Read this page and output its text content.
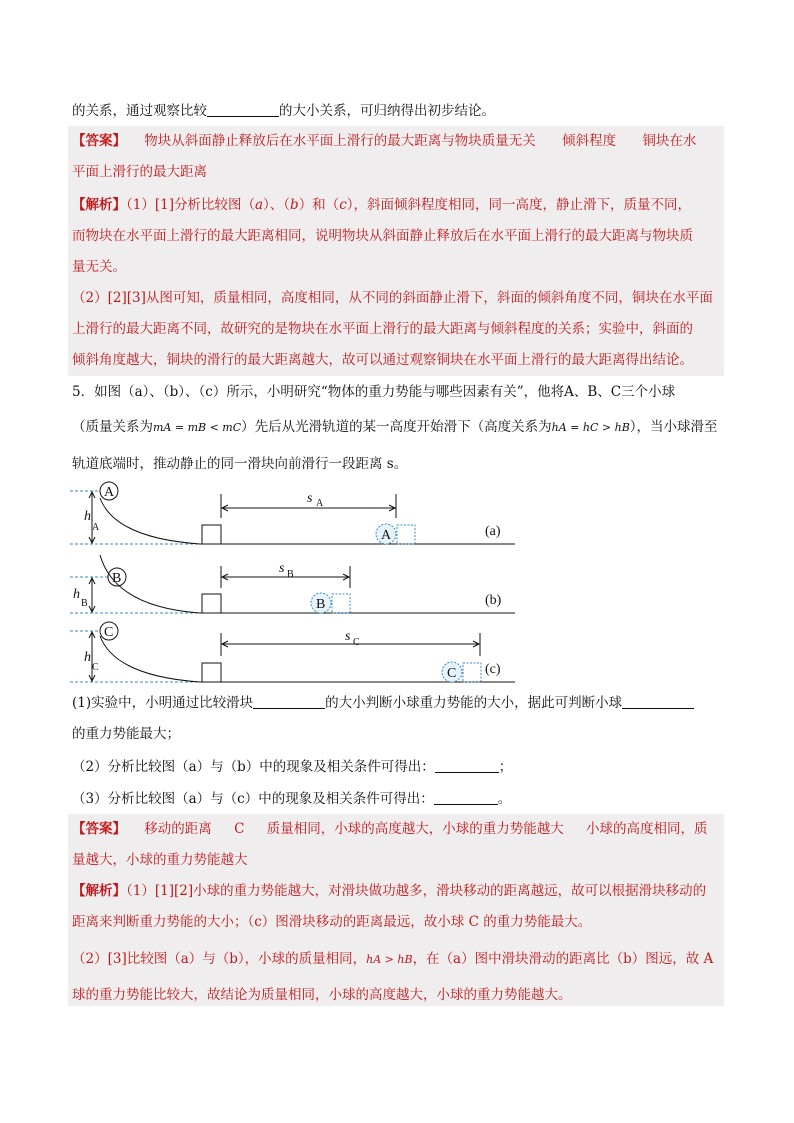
的关系，通过观察比较	的大小关系，可归纳得出初步结论。
【答案】 物块从斜面静止释放后在水平面上滑行的最大距离与物块质量无关 倾斜程度 铜块在水
平面上滑行的最大距离
【解析】（1）[1]分析比较图（a）、（b）和（c），斜面倾斜程度相同，同一高度，静止滑下，质量不同，
而物块在水平面上滑行的最大距离相同，说明物块从斜面静止释放后在水平面上滑行的最大距离与物块质
量无关。
（2）[2][3]从图可知，质量相同，高度相同，从不同的斜面静止滑下，斜面的倾斜角度不同，铜块在水平面
上滑行的最大距离不同，故研究的是物块在水平面上滑行的最大距离与倾斜程度的关系；实验中，斜面的
倾斜角度越大，铜块的滑行的最大距离越大，故可以通过观察铜块在水平面上滑行的最大距离得出结论。
5．如图（a）、（b）、（c）所示，小明研究“物体的重力势能与哪些因素有关”，他将A、B、C三个小球
（质量关系为mA = mB < mC）先后从光滑轨道的某一高度开始滑下（高度关系为hA = hC > hB），当小球滑至
轨道底端时，推动静止的同一滑块向前滑行一段距离 s。
A
A
h
A
s A
(a)
B
B
h
B
s B
(b)
C
C
h
C
s C
(c)
(1)实验中，小明通过比较滑块	的大小判断小球重力势能的大小，据此可判断小球
的重力势能最大；
（2）分析比较图（a）与（b）中的现象及相关条件可得出：	；
（3）分析比较图（a）与（c）中的现象及相关条件可得出：	。
【答案】 移动的距离 C 质量相同，小球的高度越大，小球的重力势能越大 小球的高度相同，质
量越大，小球的重力势能越大
【解析】（1）[1][2]小球的重力势能越大，对滑块做功越多，滑块移动的距离越远，故可以根据滑块移动的
距离来判断重力势能的大小；（c）图滑块移动的距离最远，故小球 C 的重力势能最大。
（2）[3]比较图（a）与（b），小球的质量相同，hA > hB，在（a）图中滑块滑动的距离比（b）图远，故 A
球的重力势能比较大，故结论为质量相同，小球的高度越大，小球的重力势能越大。
